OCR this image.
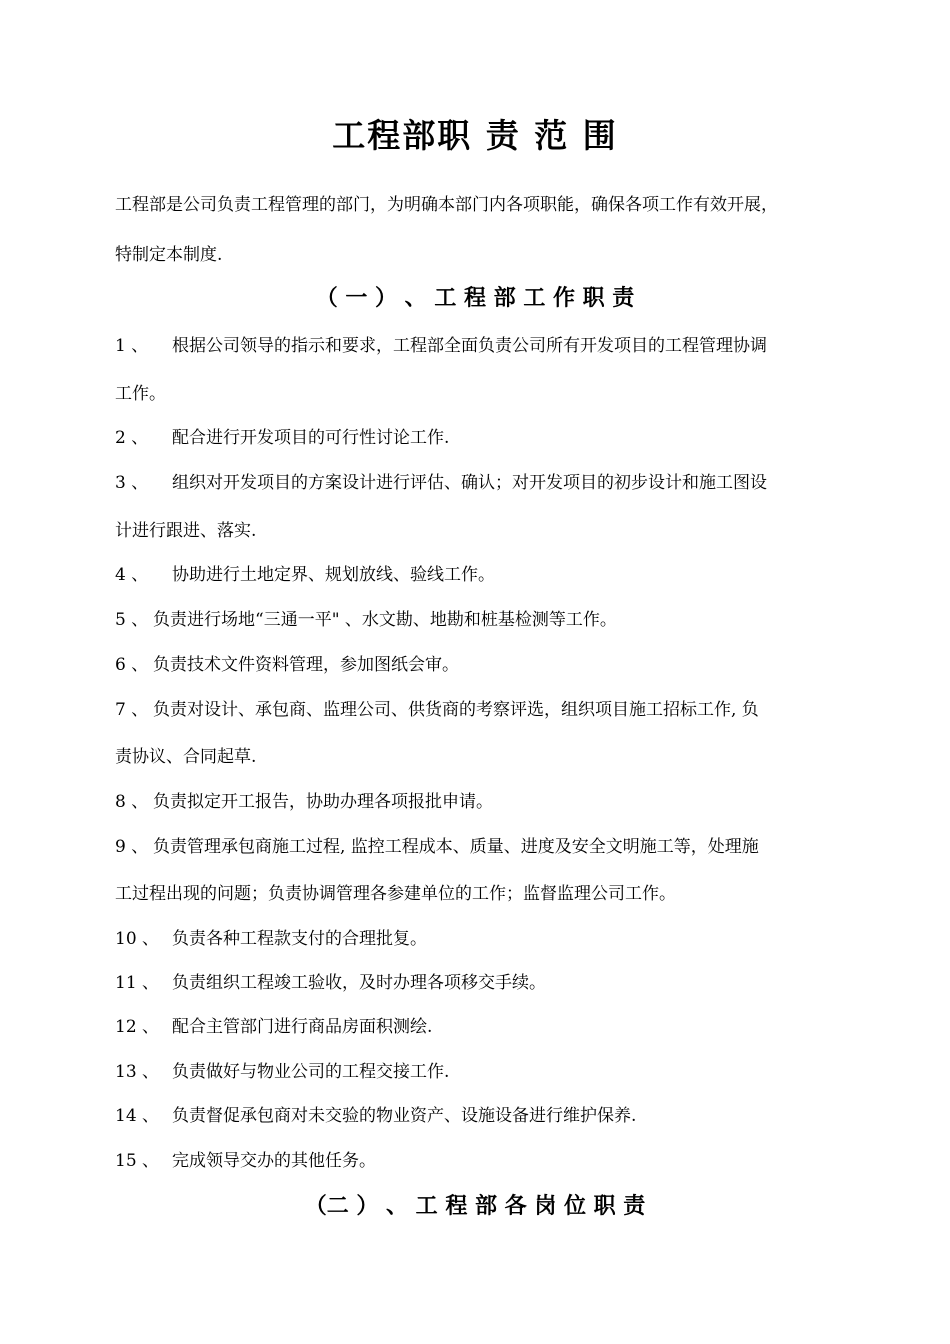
工程部职 责 范 围
工程部是公司负责工程管理的部门，为明确本部门内各项职能，确保各项工作有效开展，
特制定本制度.
（ 一 ） 、 工 程 部 工 作 职 责
1 、 根据公司领导的指示和要求，工程部全面负责公司所有开发项目的工程管理协调
工作。
2 、 配合进行开发项目的可行性讨论工作.
3 、 组织对开发项目的方案设计进行评估、确认；对开发项目的初步设计和施工图设
计进行跟进、落实.
4 、 协助进行土地定界、规划放线、验线工作。
5 、 负责进行场地“三通一平" 、水文勘、地勘和桩基检测等工作。
6 、 负责技术文件资料管理，参加图纸会审。
7 、 负责对设计、承包商、监理公司、供货商的考察评选，组织项目施工招标工作, 负
责协议、合同起草.
8 、 负责拟定开工报告，协助办理各项报批申请。
9 、 负责管理承包商施工过程, 监控工程成本、质量、进度及安全文明施工等，处理施
工过程出现的问题；负责协调管理各参建单位的工作；监督监理公司工作。
10 、 负责各种工程款支付的合理批复。
11 、 负责组织工程竣工验收，及时办理各项移交手续。
12 、 配合主管部门进行商品房面积测绘.
13 、 负责做好与物业公司的工程交接工作.
14 、 负责督促承包商对未交验的物业资产、设施设备进行维护保养.
15 、 完成领导交办的其他任务。
（二 ） 、 工 程 部 各 岗 位 职 责
